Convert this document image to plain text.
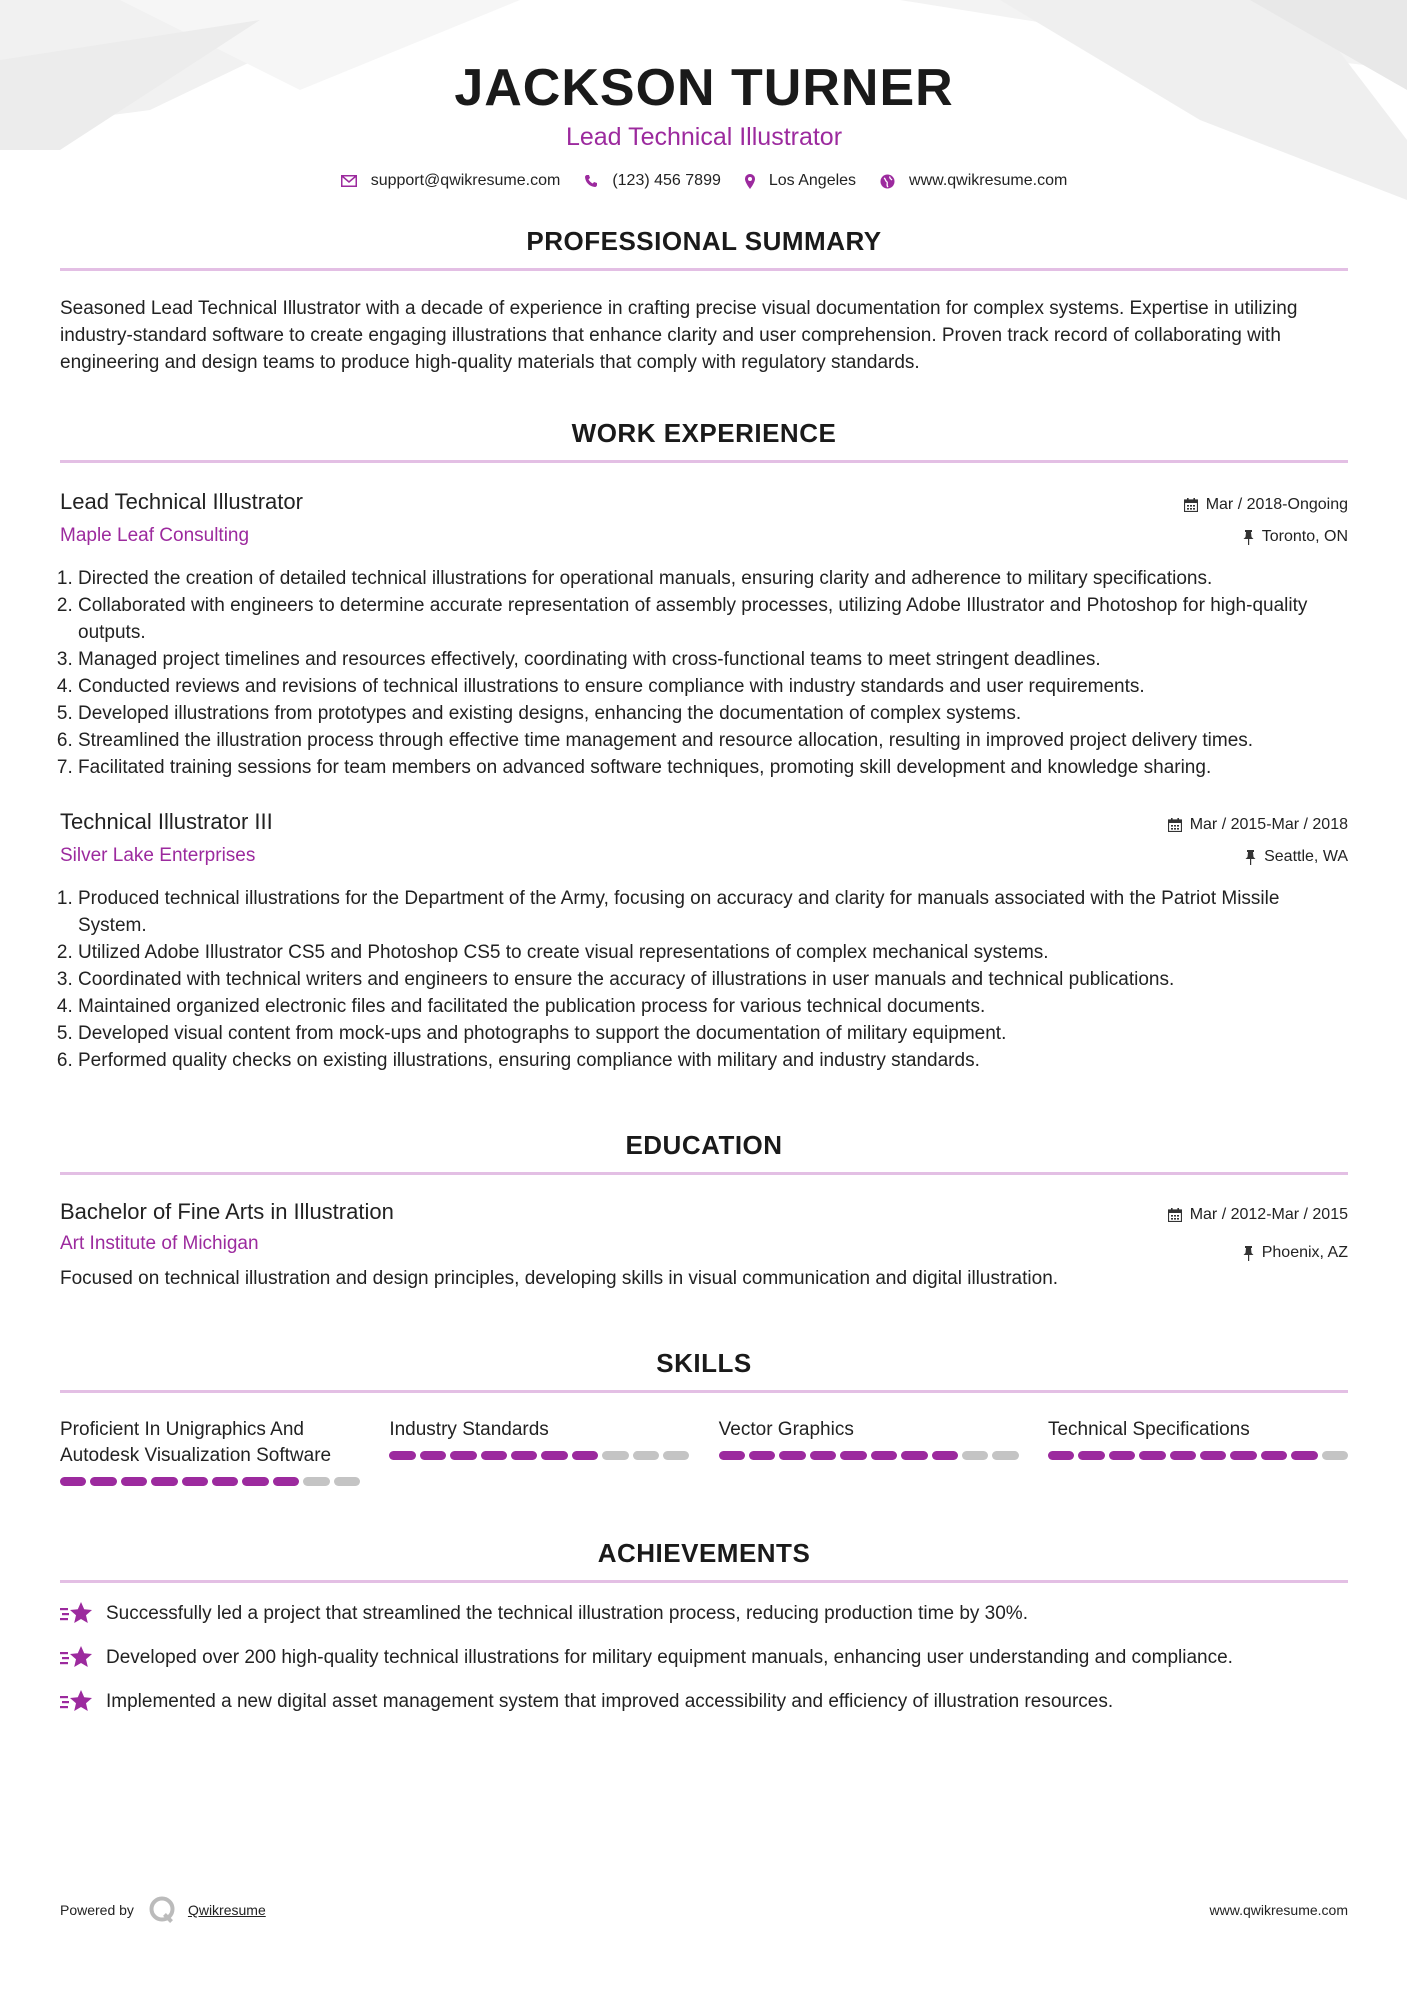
JACKSON TURNER
Lead Technical Illustrator
support@qwikresume.com	(123) 456 7899	Los Angeles	www.qwikresume.com
PROFESSIONAL SUMMARY
Seasoned Lead Technical Illustrator with a decade of experience in crafting precise visual documentation for complex systems. Expertise in utilizing industry-standard software to create engaging illustrations that enhance clarity and user comprehension. Proven track record of collaborating with engineering and design teams to produce high-quality materials that comply with regulatory standards.
WORK EXPERIENCE
Lead Technical Illustrator
Maple Leaf Consulting
Mar / 2018-Ongoing
Toronto, ON
1. Directed the creation of detailed technical illustrations for operational manuals, ensuring clarity and adherence to military specifications.
2. Collaborated with engineers to determine accurate representation of assembly processes, utilizing Adobe Illustrator and Photoshop for high-quality outputs.
3. Managed project timelines and resources effectively, coordinating with cross-functional teams to meet stringent deadlines.
4. Conducted reviews and revisions of technical illustrations to ensure compliance with industry standards and user requirements.
5. Developed illustrations from prototypes and existing designs, enhancing the documentation of complex systems.
6. Streamlined the illustration process through effective time management and resource allocation, resulting in improved project delivery times.
7. Facilitated training sessions for team members on advanced software techniques, promoting skill development and knowledge sharing.
Technical Illustrator III
Silver Lake Enterprises
Mar / 2015-Mar / 2018
Seattle, WA
1. Produced technical illustrations for the Department of the Army, focusing on accuracy and clarity for manuals associated with the Patriot Missile System.
2. Utilized Adobe Illustrator CS5 and Photoshop CS5 to create visual representations of complex mechanical systems.
3. Coordinated with technical writers and engineers to ensure the accuracy of illustrations in user manuals and technical publications.
4. Maintained organized electronic files and facilitated the publication process for various technical documents.
5. Developed visual content from mock-ups and photographs to support the documentation of military equipment.
6. Performed quality checks on existing illustrations, ensuring compliance with military and industry standards.
EDUCATION
Bachelor of Fine Arts in Illustration
Art Institute of Michigan
Mar / 2012-Mar / 2015
Phoenix, AZ
Focused on technical illustration and design principles, developing skills in visual communication and digital illustration.
SKILLS
Proficient In Unigraphics And Autodesk Visualization Software
Industry Standards	Vector Graphics	Technical Specifications
ACHIEVEMENTS
Successfully led a project that streamlined the technical illustration process, reducing production time by 30%.
Developed over 200 high-quality technical illustrations for military equipment manuals, enhancing user understanding and compliance.
Implemented a new digital asset management system that improved accessibility and efficiency of illustration resources.
Powered by	Qwikresume	www.qwikresume.com
